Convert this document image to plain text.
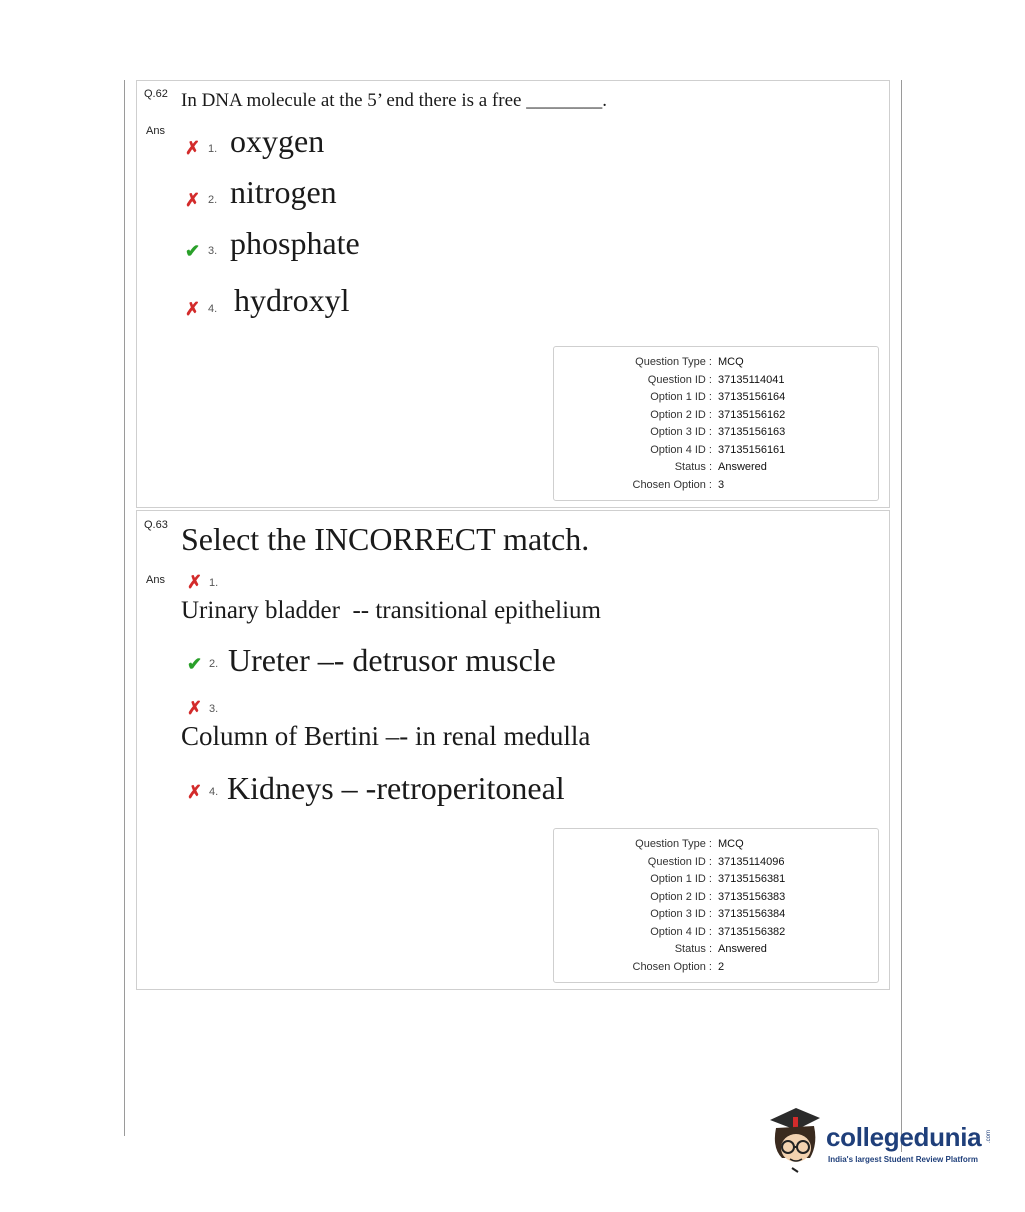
Q.62 In DNA molecule at the 5’ end there is a free ________.
Ans
✗ 1. oxygen
✗ 2. nitrogen
✔ 3. phosphate
✗ 4. hydroxyl
Question Type : MCQ
Question ID : 37135114041
Option 1 ID : 37135156164
Option 2 ID : 37135156162
Option 3 ID : 37135156163
Option 4 ID : 37135156161
Status : Answered
Chosen Option : 3
Q.63 Select the INCORRECT match.
Ans ✗ 1.
Urinary bladder  -- transitional epithelium
✔ 2. Ureter –- detrusor muscle
✗ 3.
Column of Bertini –- in renal medulla
✗ 4. Kidneys – -retroperitoneal
Question Type : MCQ
Question ID : 37135114096
Option 1 ID : 37135156381
Option 2 ID : 37135156383
Option 3 ID : 37135156384
Option 4 ID : 37135156382
Status : Answered
Chosen Option : 2
collegedunia .com
India's largest Student Review Platform
